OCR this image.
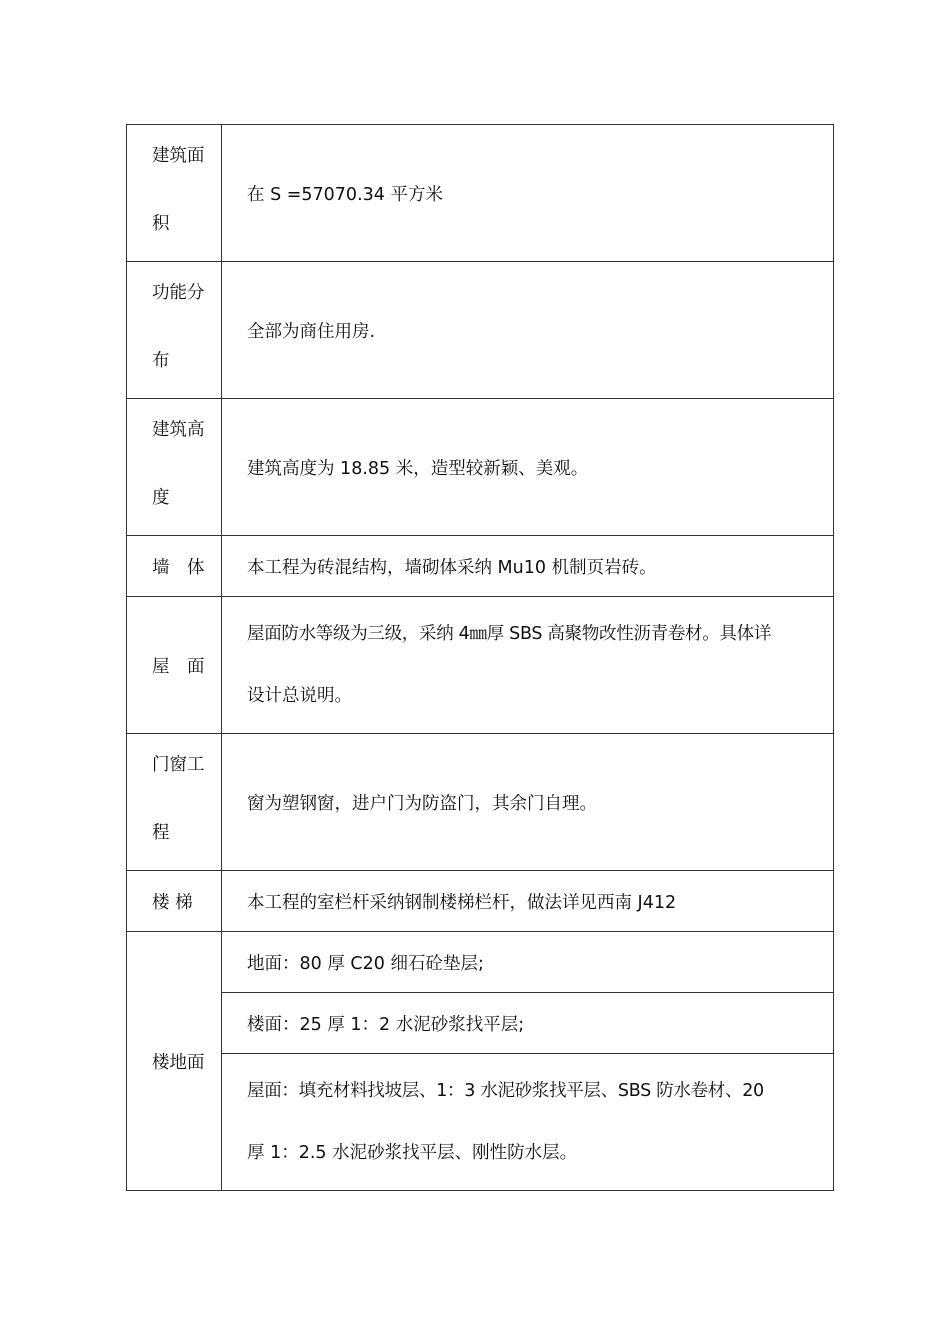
建筑面
积	在 S =57070.34 平方米

功能分
布	全部为商住用房.

建筑高
度	建筑高度为 18.85 米，造型较新颖、美观。
墙　体	本工程为砖混结构，墙砌体采纳 Mu10 机制页岩砖。
屋　面	屋面防水等级为三级，采纳 4㎜厚 SBS 高聚物改性沥青卷材。具体详
设计总说明。

门窗工
程	窗为塑钢窗，进户门为防盗门，其余门自理。
楼 梯	本工程的室栏杆采纳钢制楼梯栏杆，做法详见西南 J412
楼地面	地面：80 厚 C20 细石砼垫层;
	楼面：25 厚 1：2 水泥砂浆找平层;

	屋面：填充材料找坡层、1：3 水泥砂浆找平层、SBS 防水卷材、20
厚 1：2.5 水泥砂浆找平层、刚性防水层。
